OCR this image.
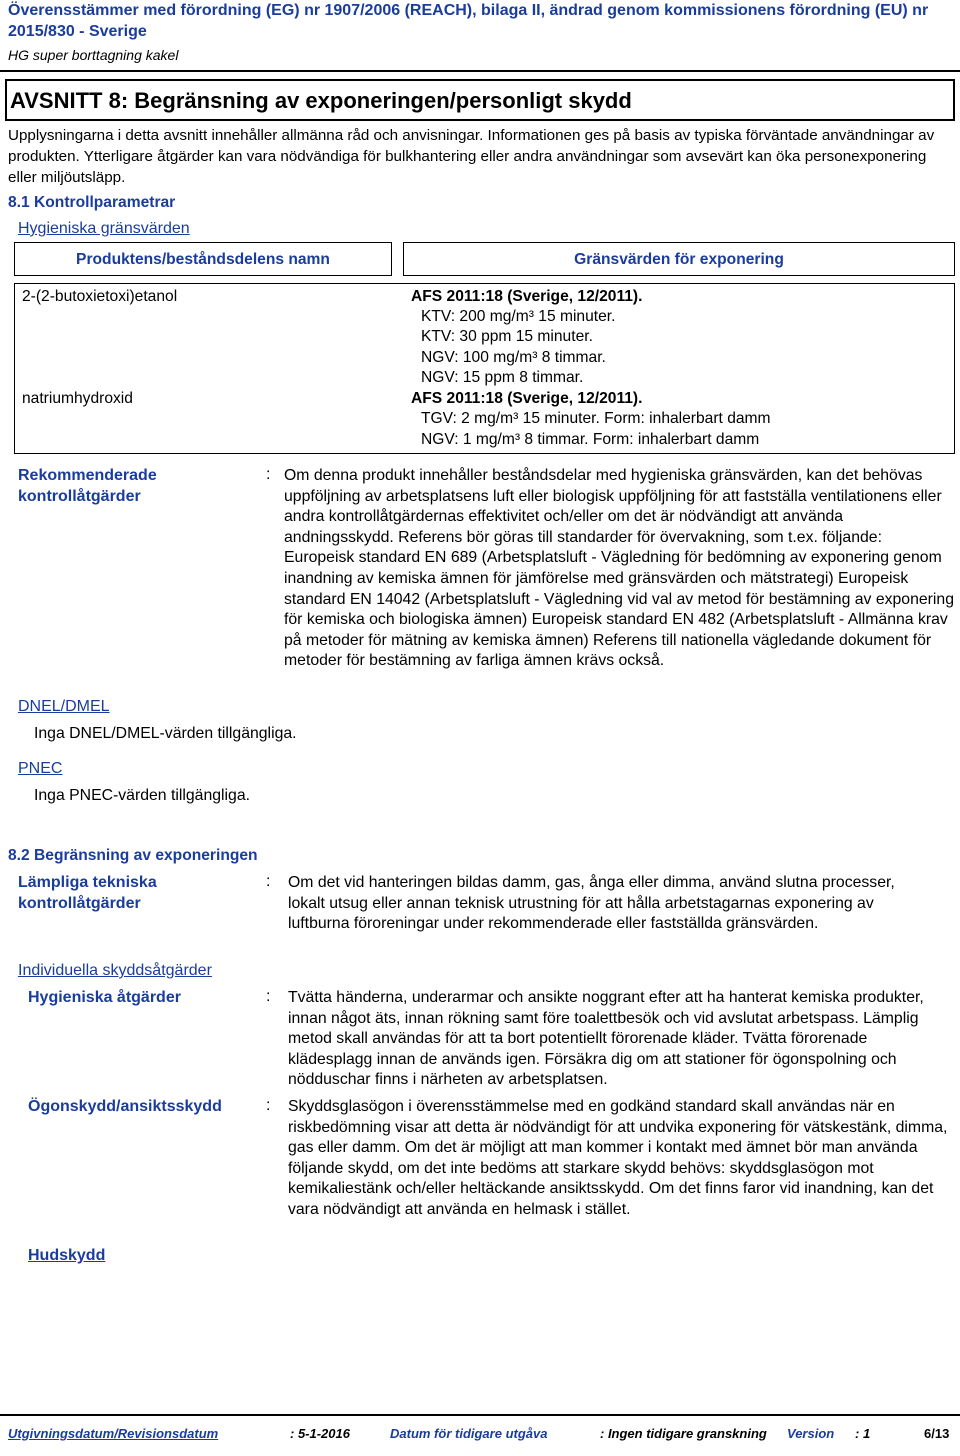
Överensstämmer med förordning (EG) nr 1907/2006 (REACH), bilaga II, ändrad genom kommissionens förordning (EU) nr 2015/830 - Sverige
HG super borttagning kakel
AVSNITT 8: Begränsning av exponeringen/personligt skydd
Upplysningarna i detta avsnitt innehåller allmänna råd och anvisningar. Informationen ges på basis av typiska förväntade användningar av produkten. Ytterligare åtgärder kan vara nödvändiga för bulkhantering eller andra användningar som avsevärt kan öka personexponering eller miljöutsläpp.
8.1 Kontrollparametrar
Hygieniska gränsvärden
Produktens/beståndsdelens namn	Gränsvärden för exponering
2-(2-butoxietoxi)etanol	AFS 2011:18 (Sverige, 12/2011).
KTV: 200 mg/m³ 15 minuter.
KTV: 30 ppm 15 minuter.
NGV: 100 mg/m³ 8 timmar.
NGV: 15 ppm 8 timmar.
natriumhydroxid	AFS 2011:18 (Sverige, 12/2011).
TGV: 2 mg/m³ 15 minuter. Form: inhalerbart damm
NGV: 1 mg/m³ 8 timmar. Form: inhalerbart damm
Rekommenderade kontrollåtgärder
: Om denna produkt innehåller beståndsdelar med hygieniska gränsvärden, kan det behövas uppföljning av arbetsplatsens luft eller biologisk uppföljning för att fastställa ventilationens eller andra kontrollåtgärdernas effektivitet och/eller om det är nödvändigt att använda andningsskydd. Referens bör göras till standarder för övervakning, som t.ex. följande: Europeisk standard EN 689 (Arbetsplatsluft - Vägledning för bedömning av exponering genom inandning av kemiska ämnen för jämförelse med gränsvärden och mätstrategi) Europeisk standard EN 14042 (Arbetsplatsluft - Vägledning vid val av metod för bestämning av exponering för kemiska och biologiska ämnen) Europeisk standard EN 482 (Arbetsplatsluft - Allmänna krav på metoder för mätning av kemiska ämnen) Referens till nationella vägledande dokument för metoder för bestämning av farliga ämnen krävs också.
DNEL/DMEL
Inga DNEL/DMEL-värden tillgängliga.
PNEC
Inga PNEC-värden tillgängliga.
8.2 Begränsning av exponeringen
Lämpliga tekniska kontrollåtgärder
: Om det vid hanteringen bildas damm, gas, ånga eller dimma, använd slutna processer, lokalt utsug eller annan teknisk utrustning för att hålla arbetstagarnas exponering av luftburna föroreningar under rekommenderade eller fastställda gränsvärden.
Individuella skyddsåtgärder
Hygieniska åtgärder	: Tvätta händerna, underarmar och ansikte noggrant efter att ha hanterat kemiska produkter, innan något äts, innan rökning samt före toalettbesök och vid avslutat arbetspass. Lämplig metod skall användas för att ta bort potentiellt förorenade kläder. Tvätta förorenade klädesplagg innan de används igen. Försäkra dig om att stationer för ögonspolning och nödduschar finns i närheten av arbetsplatsen.
Ögonskydd/ansiktsskydd	: Skyddsglasögon i överensstämmelse med en godkänd standard skall användas när en riskbedömning visar att detta är nödvändigt för att undvika exponering för vätskestänk, dimma, gas eller damm. Om det är möjligt att man kommer i kontakt med ämnet bör man använda följande skydd, om det inte bedöms att starkare skydd behövs: skyddsglasögon mot kemikaliestänk och/eller heltäckande ansiktsskydd. Om det finns faror vid inandning, kan det vara nödvändigt att använda en helmask i stället.
Hudskydd
Utgivningsdatum/Revisionsdatum	: 5-1-2016	Datum för tidigare utgåva	: Ingen tidigare granskning Version : 1	6/13
